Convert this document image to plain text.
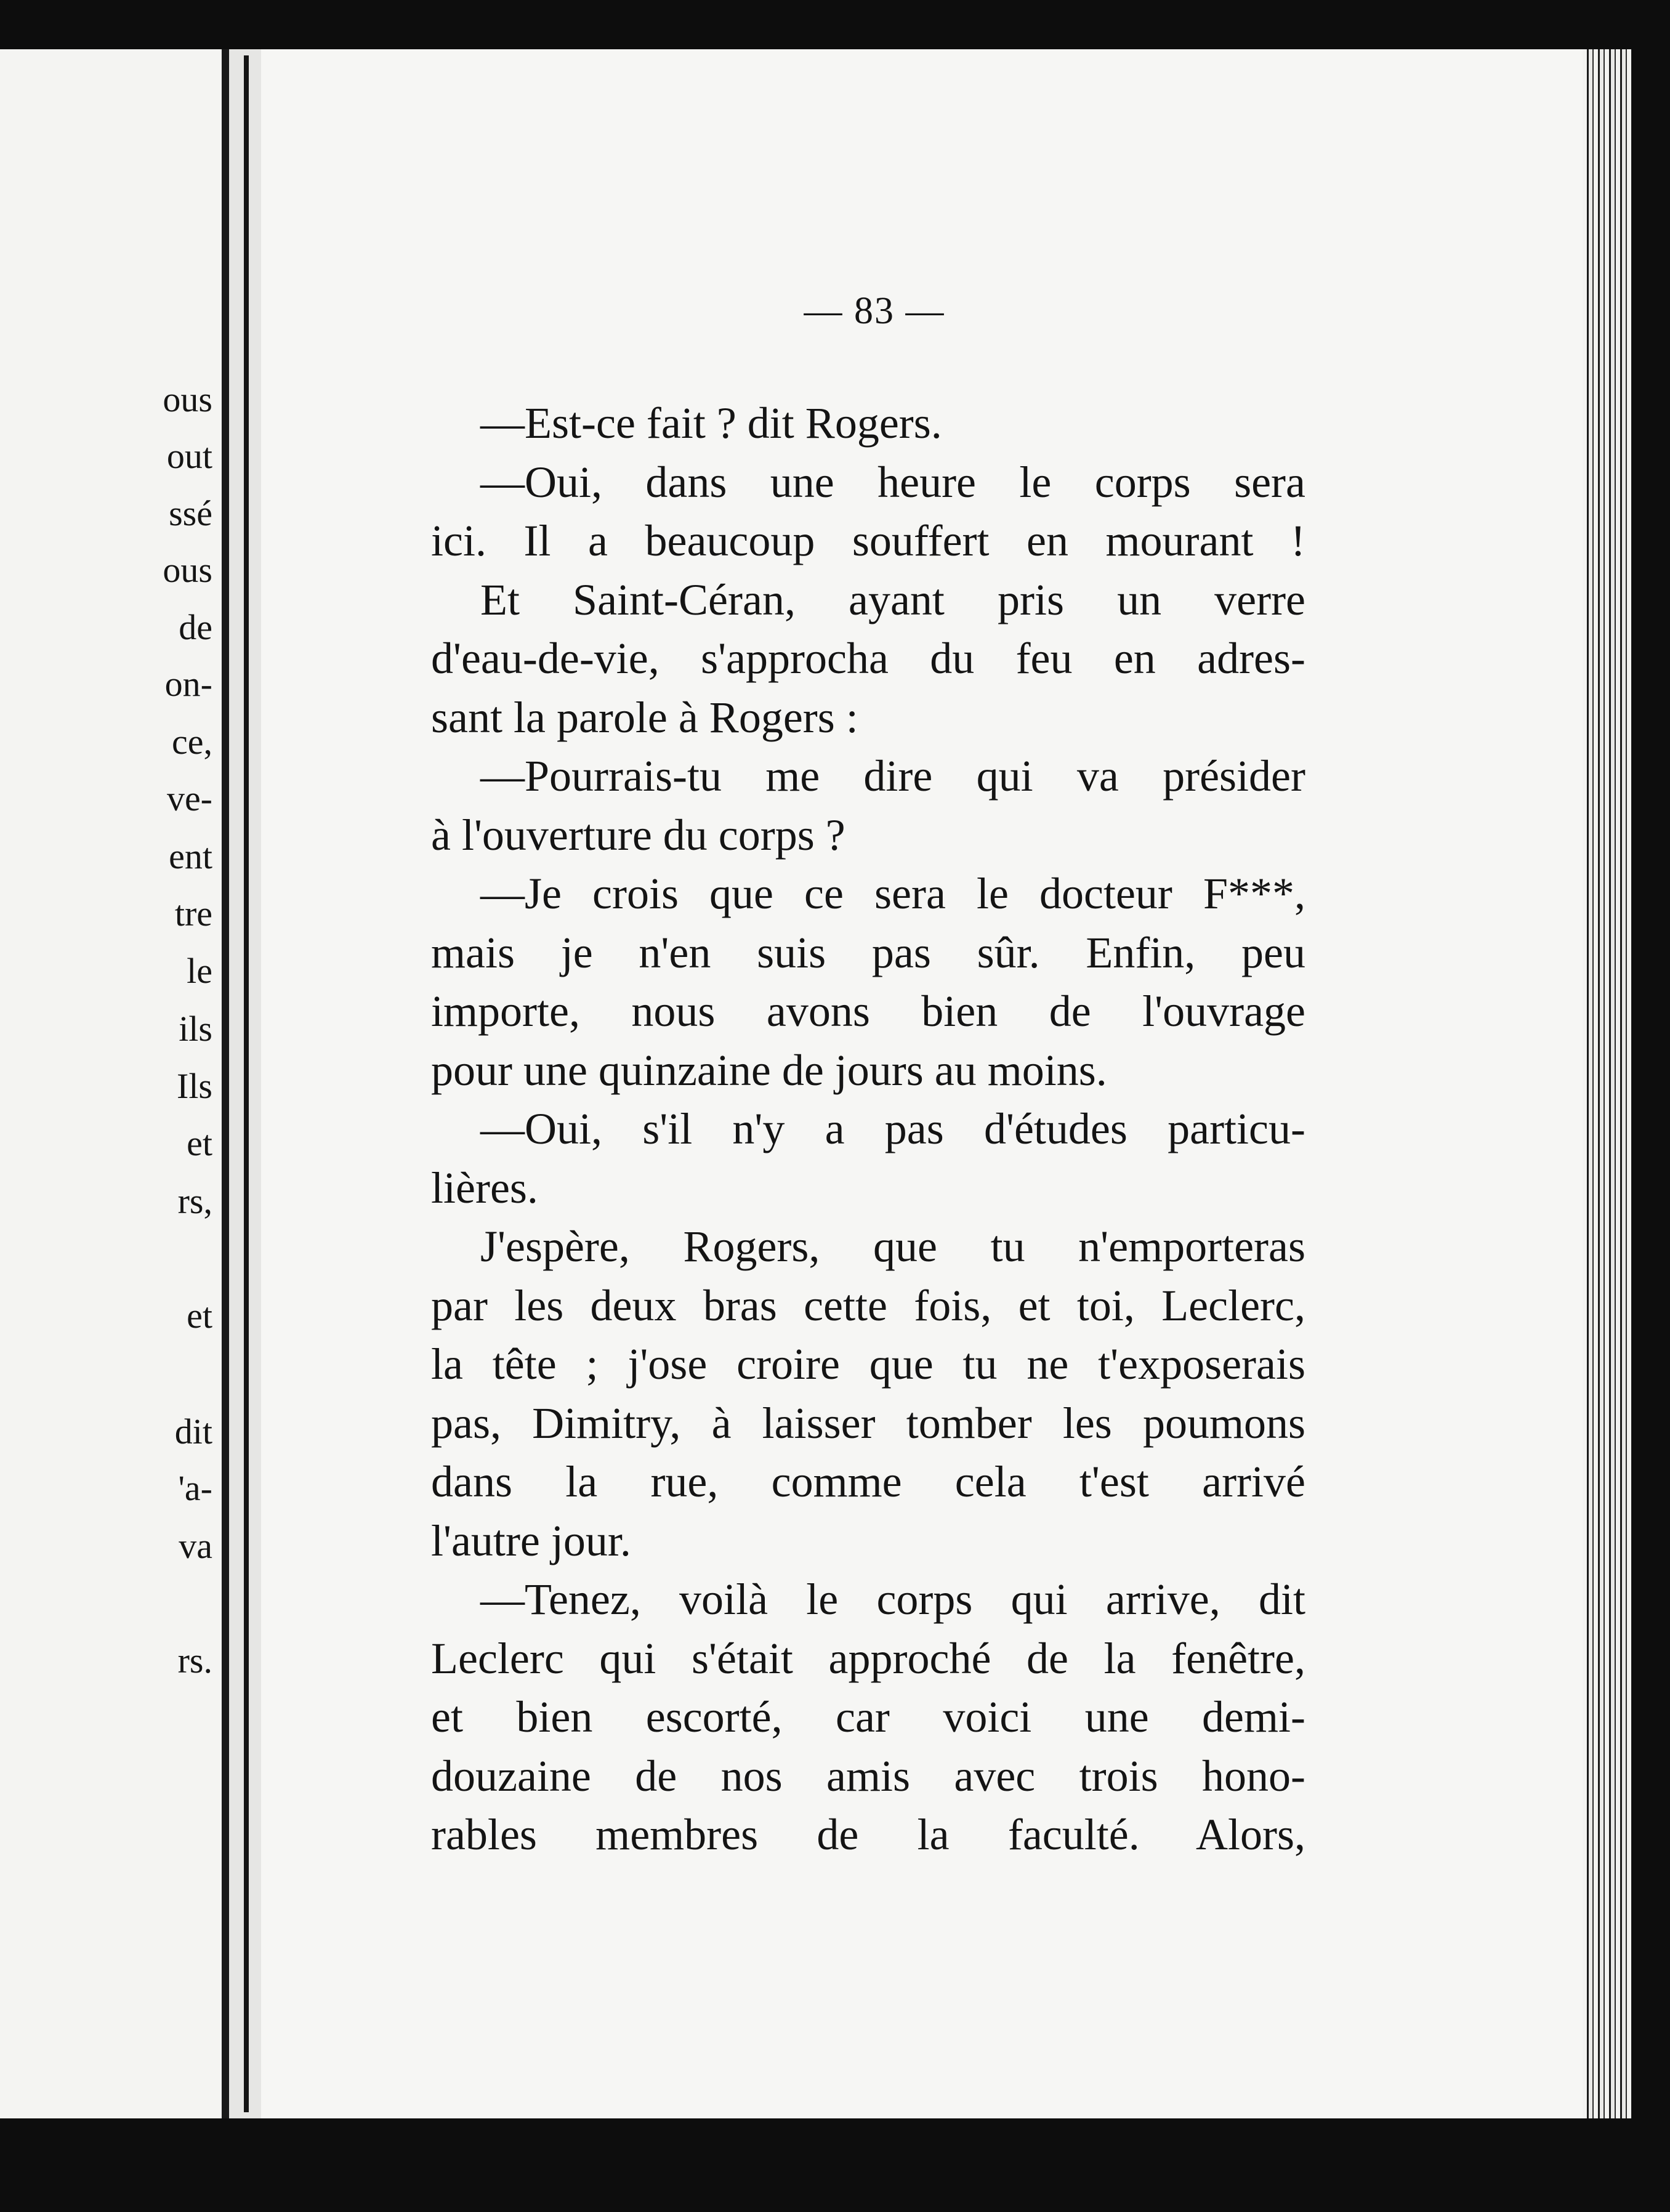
ous
out
ssé
ous
de
on-
ce,
ve-
ent
tre
le
ils
Ils
et
rs,
et
dit
'a-
va
rs.
— 83 —
—Est-ce fait ? dit Rogers.
—Oui, dans une heure le corps sera
ici. Il a beaucoup souffert en mourant !
Et Saint-Céran, ayant pris un verre
d'eau-de-vie, s'approcha du feu en adres-
sant la parole à Rogers :
—Pourrais-tu me dire qui va présider
à l'ouverture du corps ?
—Je crois que ce sera le docteur F***,
mais je n'en suis pas sûr. Enfin, peu
importe, nous avons bien de l'ouvrage
pour une quinzaine de jours au moins.
—Oui, s'il n'y a pas d'études particu-
lières.
J'espère, Rogers, que tu n'emporteras
par les deux bras cette fois, et toi, Leclerc,
la tête ; j'ose croire que tu ne t'exposerais
pas, Dimitry, à laisser tomber les poumons
dans la rue, comme cela t'est arrivé
l'autre jour.
—Tenez, voilà le corps qui arrive, dit
Leclerc qui s'était approché de la fenêtre,
et bien escorté, car voici une demi-
douzaine de nos amis avec trois hono-
rables membres de la faculté. Alors,
